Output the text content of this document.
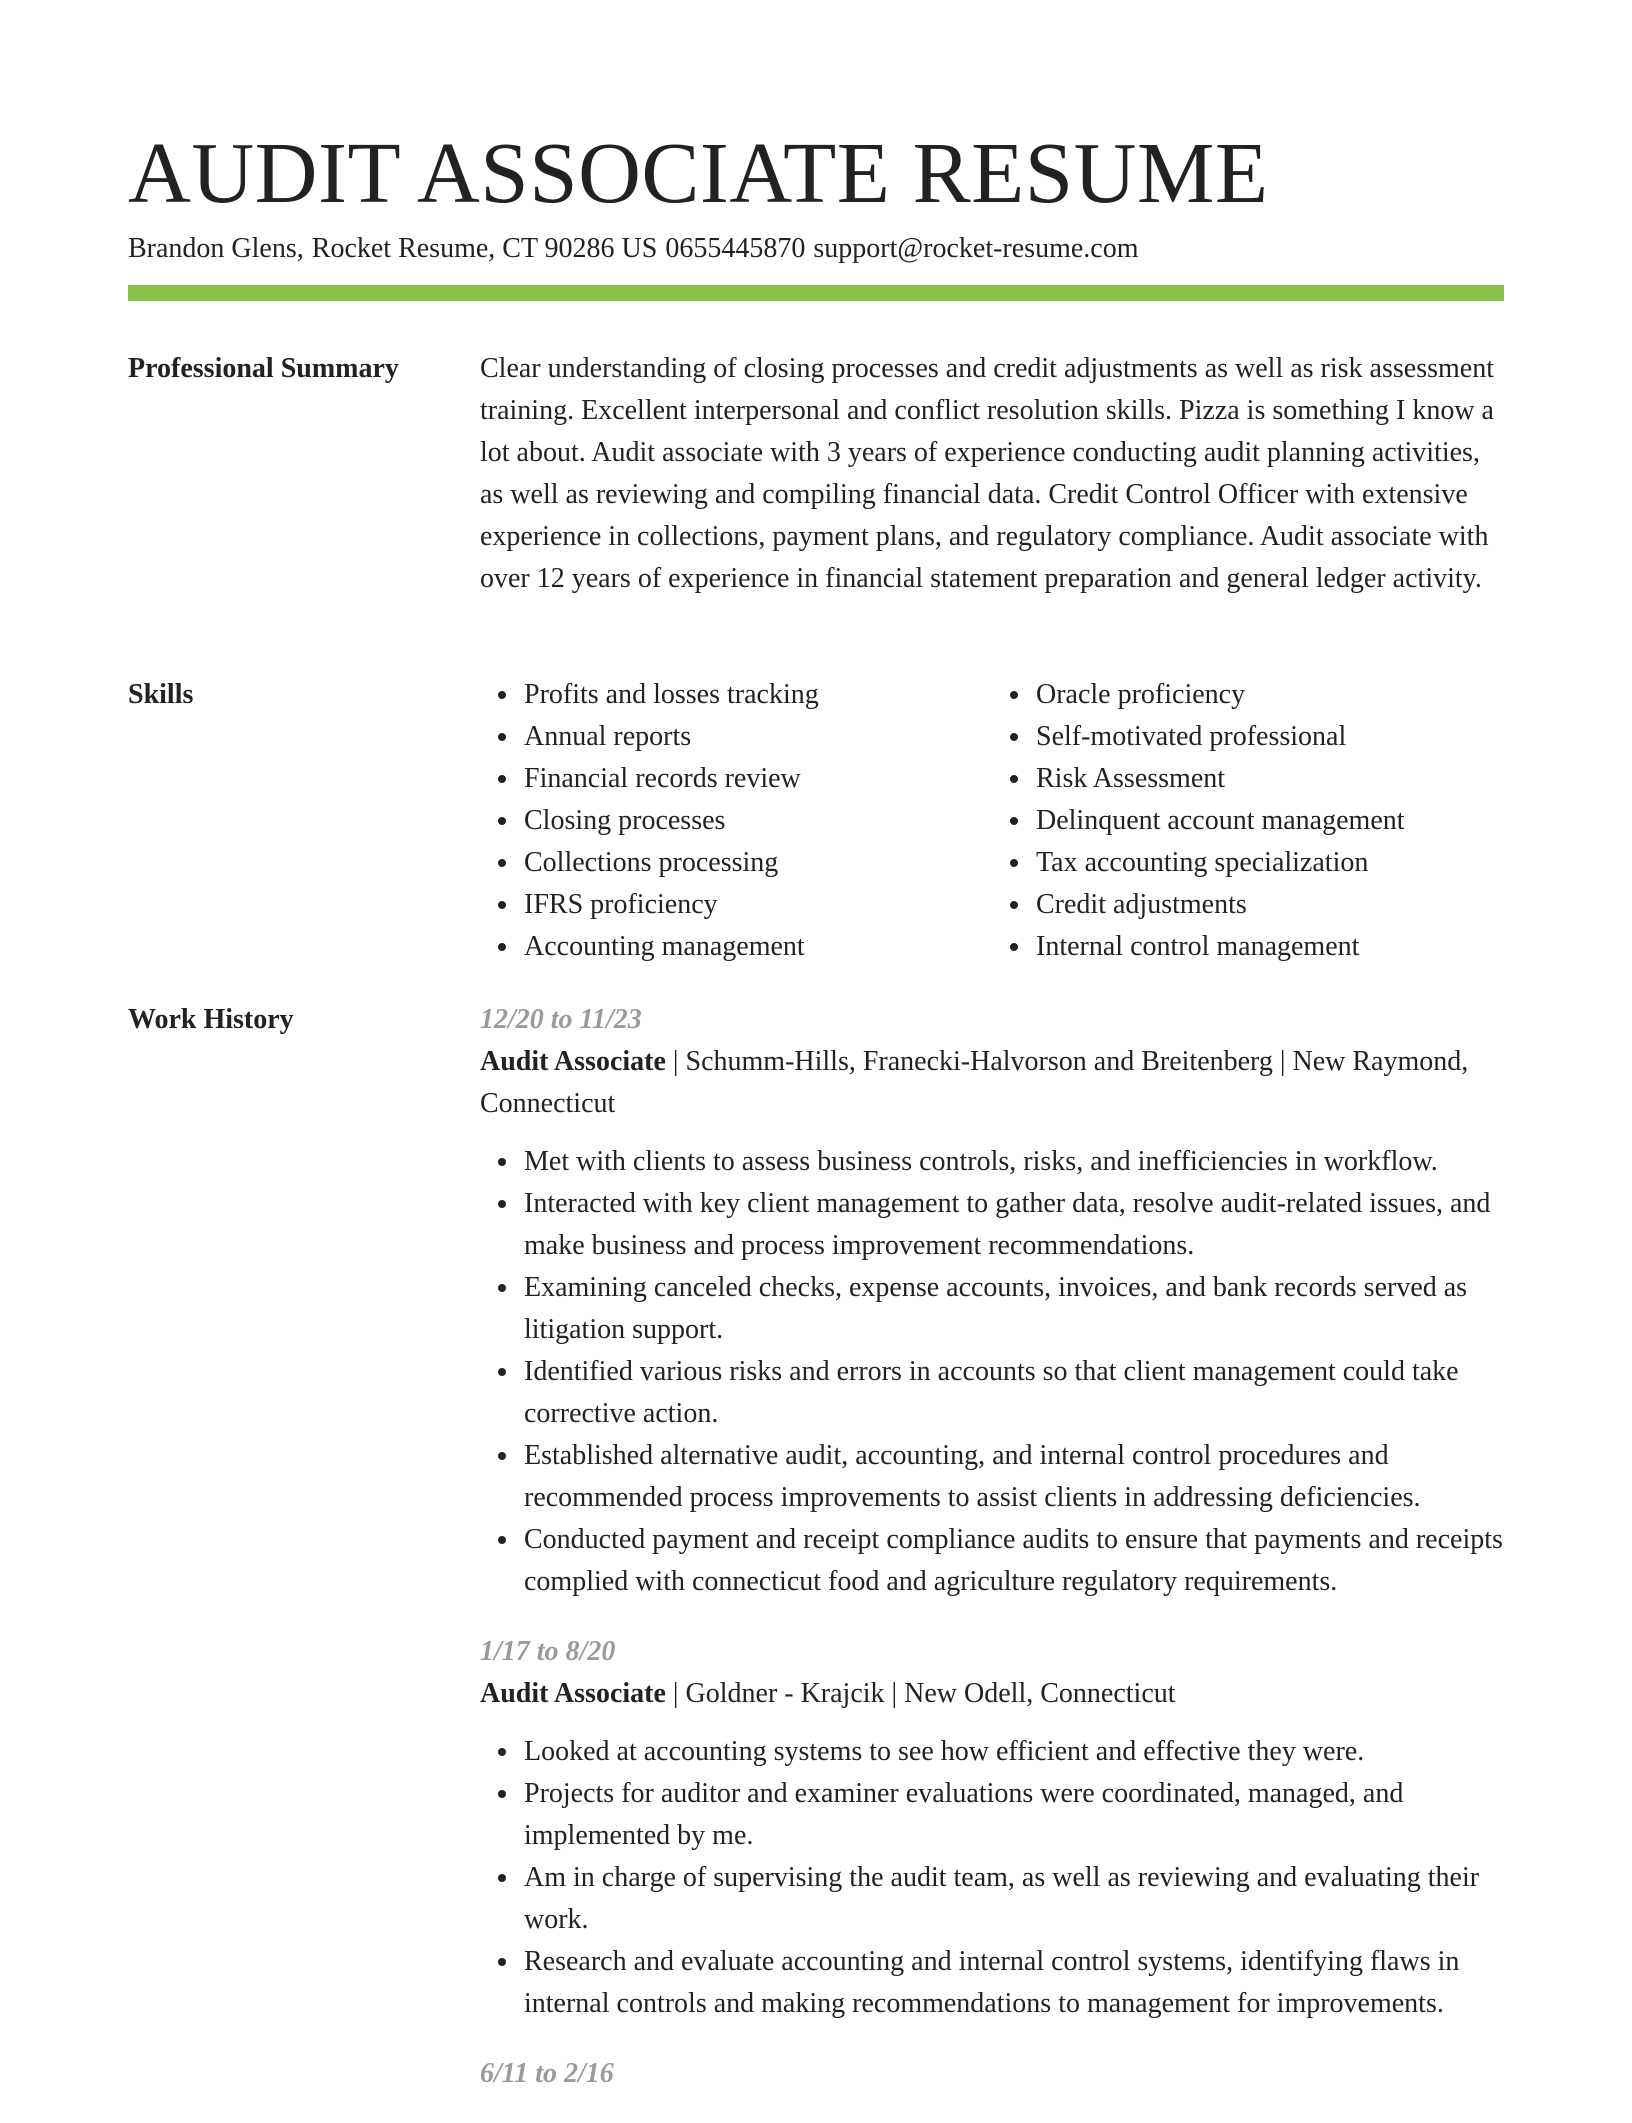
AUDIT ASSOCIATE RESUME
Brandon Glens, Rocket Resume, CT 90286 US 0655445870 support@rocket-resume.com
Professional Summary	Clear understanding of closing processes and credit adjustments as well as risk assessment training. Excellent interpersonal and conflict resolution skills. Pizza is something I know a lot about. Audit associate with 3 years of experience conducting audit planning activities, as well as reviewing and compiling financial data. Credit Control Officer with extensive experience in collections, payment plans, and regulatory compliance. Audit associate with over 12 years of experience in financial statement preparation and general ledger activity.

Skills	Profits and losses tracking
Annual reports
Financial records review
Closing processes
Collections processing
IFRS proficiency
Accounting management
Oracle proficiency
Self-motivated professional
Risk Assessment
Delinquent account management
Tax accounting specialization
Credit adjustments
Internal control management
Work History	12/20 to 11/23
Audit Associate | Schumm-Hills, Franecki-Halvorson and Breitenberg | New Raymond, Connecticut
Met with clients to assess business controls, risks, and inefficiencies in workflow.
Interacted with key client management to gather data, resolve audit-related issues, and make business and process improvement recommendations.
Examining canceled checks, expense accounts, invoices, and bank records served as litigation support.
Identified various risks and errors in accounts so that client management could take corrective action.
Established alternative audit, accounting, and internal control procedures and recommended process improvements to assist clients in addressing deficiencies.
Conducted payment and receipt compliance audits to ensure that payments and receipts complied with connecticut food and agriculture regulatory requirements.
1/17 to 8/20
Audit Associate | Goldner - Krajcik | New Odell, Connecticut
Looked at accounting systems to see how efficient and effective they were.
Projects for auditor and examiner evaluations were coordinated, managed, and implemented by me.
Am in charge of supervising the audit team, as well as reviewing and evaluating their work.
Research and evaluate accounting and internal control systems, identifying flaws in internal controls and making recommendations to management for improvements.
6/11 to 2/16
